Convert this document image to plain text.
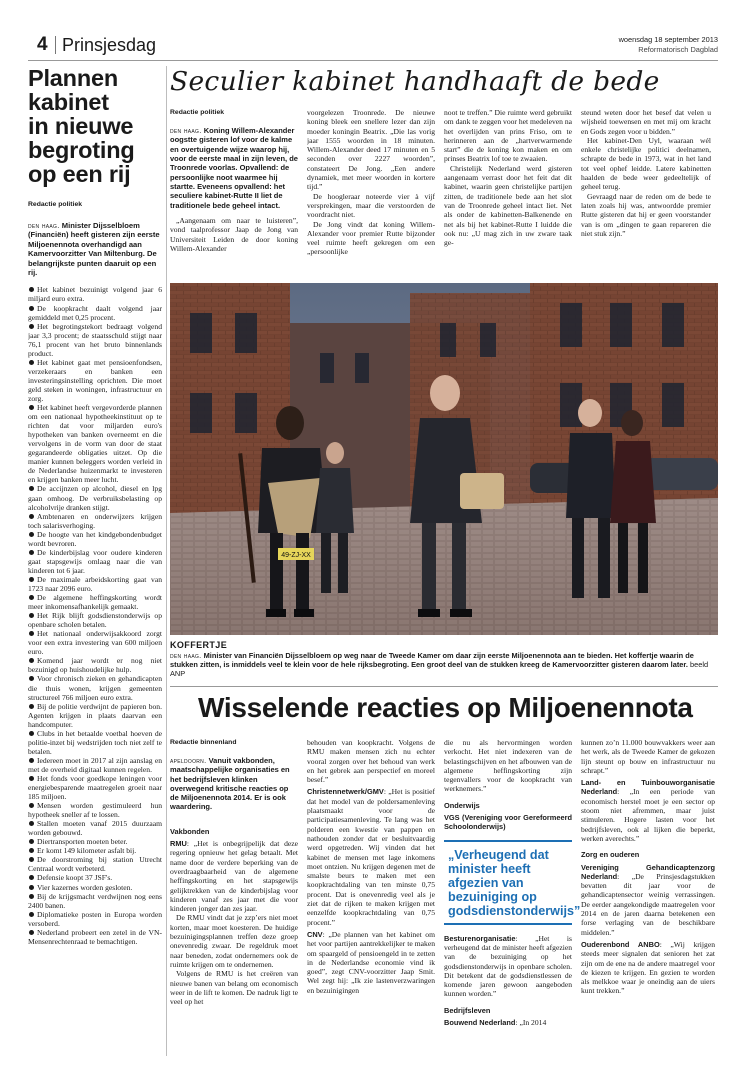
4 Prinsjesdag	woensdag 18 september 2013
Reformatorisch Dagblad
Plannen
kabinet
in nieuwe
begroting
op een rij
Redactie politiek
den haag. Minister Dijsselbloem (Financiën) heeft gisteren zijn eerste Miljoenennota overhandigd aan Kamervoorzitter Van Miltenburg. De belangrijkste punten daaruit op een rij.

Het kabinet bezuinigt volgend jaar 6 miljard euro extra.

De koopkracht daalt volgend jaar gemiddeld met 0,25 procent.

Het begrotingstekort bedraagt volgend jaar 3,3 procent; de staatsschuld stijgt naar 76,1 procent van het bruto binnenlands product.

Het kabinet gaat met pensioenfondsen, verzekeraars en banken een investeringsinstelling oprichten. Die moet geld steken in woningen, infrastructuur en zorg.

Het kabinet heeft vergevorderde plannen om een nationaal hypotheekinstituut op te richten dat voor miljarden euro's hypotheken van banken overneemt en die vervolgens in de vorm van door de staat gegarandeerde obligaties uitzet. Op die manier kunnen beleggers worden verleid in de Nederlandse huizenmarkt te investeren en krijgen banken meer lucht.

De accijnzen op alcohol, diesel en lpg gaan omhoog. De verbruiksbelasting op alcoholvrije dranken stijgt.

Ambtenaren en onderwijzers krijgen toch salarisverhoging.

De hoogte van het kindgebondenbudget wordt bevroren.

De kinderbijslag voor oudere kinderen gaat stapsgewijs omlaag naar die van kinderen tot 6 jaar.

De maximale arbeidskorting gaat van 1723 naar 2096 euro.

De algemene heffingskorting wordt meer inkomensafhankelijk gemaakt.

Het Rijk blijft godsdienstonderwijs op openbare scholen betalen.

Het nationaal onderwijsakkoord zorgt voor een extra investering van 600 miljoen euro.

Komend jaar wordt er nog niet bezuinigd op huishoudelijke hulp.

Voor chronisch zieken en gehandicapten die thuis wonen, krijgen gemeenten structureel 766 miljoen euro extra.

Bij de politie verdwijnt de papieren bon. Agenten krijgen in plaats daarvan een handcomputer.

Clubs in het betaalde voetbal hoeven de politie-inzet bij wedstrijden toch niet zelf te betalen.

Iedereen moet in 2017 al zijn aanslag en met de overheid digitaal kunnen regelen.

Het fonds voor goedkope leningen voor energiebesparende maatregelen groeit naar 185 miljoen.

Mensen worden gestimuleerd hun hypotheek sneller af te lossen.

Stallen moeten vanaf 2015 duurzaam worden gebouwd.

Diertransporten moeten beter.

Er komt 149 kilometer asfalt bij.

De doorstroming bij station Utrecht Centraal wordt verbeterd.

Defensie koopt 37 JSF's.

Vier kazernes worden gesloten.

Bij de krijgsmacht verdwijnen nog eens 2400 banen.

Diplomatieke posten in Europa worden versoberd.

Nederland probeert een zetel in de VN-Mensenrechtenraad te bemachtigen.

Seculier kabinet handhaaft de bede
Redactie politiek
den haag. Koning Willem-Alexander oogstte gisteren lof voor de kalme en overtuigende wijze waarop hij, voor de eerste maal in zijn leven, de Troonrede voorlas. Opvallend: de persoonlijke noot waarmee hij startte. Eveneens opvallend: het seculiere kabinet-Rutte II liet de traditionele bede geheel intact.

„Aangenaam om naar te luisteren”, vond taalprofessor Jaap de Jong van Universiteit Leiden de door koning Willem-Alexander

voorgelezen Troonrede. De nieuwe koning bleek een snellere lezer dan zijn moeder koningin Beatrix. „Die las vorig jaar 1555 woorden in 18 minuten. Willem-Alexander deed 17 minuten en 5 seconden over 2227 woorden”, constateert De Jong. „Een andere dynamiek, met meer woorden in kortere tijd.”

De hoogleraar noteerde vier à vijf versprekingen, maar die verstoorden de voordracht niet.

De Jong vindt dat koning Willem-Alexander voor premier Rutte bijzonder veel ruimte heeft gekregen om een „persoonlijke

noot te treffen.” Die ruimte werd gebruikt om dank te zeggen voor het medeleven na het overlijden van prins Friso, om te herinneren aan de „hartverwarmende start” die de koning kon maken en om prinses Beatrix lof toe te zwaaien.

Christelijk Nederland werd gisteren aangenaam verrast door het feit dat dit kabinet, waarin geen christelijke partijen zitten, de traditionele bede aan het slot van de Troonrede geheel intact liet. Net als onder de kabinetten-Balkenende en net als bij het kabinet-Rutte I luidde die ook nu: „U mag zich in uw zware taak ge-

steund weten door het besef dat velen u wijsheid toewensen en met mij om kracht en Gods zegen voor u bidden.”

Het kabinet-Den Uyl, waaraan wél enkele christelijke politici deelnamen, schrapte de bede in 1973, wat in het land tot veel ophef leidde. Latere kabinetten haalden de bede weer gedeeltelijk of geheel terug.

Gevraagd naar de reden om de bede te laten zoals hij was, antwoordde premier Rutte gisteren dat hij er geen voorstander van is om „dingen te gaan repareren die niet stuk zijn.”

49-ZJ-XX
KOFFERTJE
den haag. Minister van Financiën Dijsselbloem op weg naar de Tweede Kamer om daar zijn eerste Miljoenennota aan te bieden. Het koffertje waarin de stukken zitten, is inmiddels veel te klein voor de hele rijksbegroting. Een groot deel van de stukken kreeg de Kamervoorzitter gisteren daarom later. beeld ANP
Wisselende reacties op Miljoenennota
Redactie binnenland
apeldoorn. Vanuit vakbonden, maatschappelijke organisaties en het bedrijfsleven klinken overwegend kritische reacties op de Miljoenennota 2014. Er is ook waardering.
Vakbonden

RMU: „Het is onbegrijpelijk dat deze regering opnieuw het gelag betaalt. Met name door de verdere beperking van de overdraagbaarheid van de algemene heffingskorting en het stapsgewijs gelijktrekken van de kinderbijslag voor kinderen vanaf zes jaar met die voor kinderen jonger dan zes jaar.

De RMU vindt dat je zzp’ers niet moet korten, maar moet koesteren. De huidige bezuinigingsplannen treffen deze groep onevenredig zwaar. De regeldruk moet naar beneden, zodat ondernemers ook de ruimte krijgen om te ondernemen.

Volgens de RMU is het creëren van nieuwe banen van belang om economisch weer in de lift te komen. De nadruk ligt te veel op het

behouden van koopkracht. Volgens de RMU maken mensen zich nu echter vooral zorgen over het behoud van werk en het gebrek aan perspectief en moreel besef.”

Christennetwerk/GMV: „Het is positief dat het model van de poldersamenleving plaatsmaakt voor de participatiesamenleving. Te lang was het polderen een kwestie van pappen en nathouden zonder dat er besluitvaardig werd opgetreden. Wij vinden dat het kabinet de mensen met lage inkomens moet ontzien. Nu krijgen degenen met de smalste beurs te maken met een koopkrachtdaling van ten minste 0,75 procent. Dat is onevenredig veel als je ziet dat de rijken te maken krijgen met eenzelfde koopkrachtdaling van 0,75 procent.”

CNV: „De plannen van het kabinet om het voor partijen aantrekkelijker te maken om spaargeld of pensioengeld in te zetten in de Nederlandse economie vind ik goed”, zegt CNV-voorzitter Jaap Smit. Wel zegt hij: „Ik zie lastenverzwaringen en bezuinigingen

die nu als hervormingen worden verkocht. Het niet indexeren van de belastingschijven en het afbouwen van de algemene heffingskorting zijn tegenvallers voor de koopkracht van werknemers.”

Onderwijs

VGS (Vereniging voor Gereformeerd Schoolonderwijs)

„Verheugend dat minister heeft afgezien van bezuiniging op godsdienstonderwijs”

Besturenorganisatie: „Het is verheugend dat de minister heeft afgezien van de bezuiniging op het godsdienstonderwijs in openbare scholen. Dit betekent dat de godsdienstlessen de komende jaren gewoon aangeboden kunnen worden.”

Bedrijfsleven

Bouwend Nederland: „In 2014

kunnen zo’n 11.000 bouwvakkers weer aan het werk, als de Tweede Kamer de gekozen lijn steunt op bouw en infrastructuur nu schrapt.”

Land- en Tuinbouworganisatie Nederland: „In een periode van economisch herstel moet je een sector op stoom niet afremmen, maar juist stimuleren. Hogere lasten voor het bedrijfsleven, ook al lijken die beperkt, werken averechts.”

Zorg en ouderen

Vereniging Gehandicaptenzorg Nederland: „De Prinsjesdagstukken bevatten dit jaar voor de gehandicaptensector weinig verrassingen. De eerder aangekondigde maatregelen voor 2014 en de jaren daarna betekenen een forse verlaging van de beschikbare middelen.”

Ouderenbond ANBO: „Wij krijgen steeds meer signalen dat senioren het zat zijn om de ene na de andere maatregel voor de kiezen te krijgen. En gezien te worden als melkkoe waar je oneindig aan de uiers kunt trekken.”
